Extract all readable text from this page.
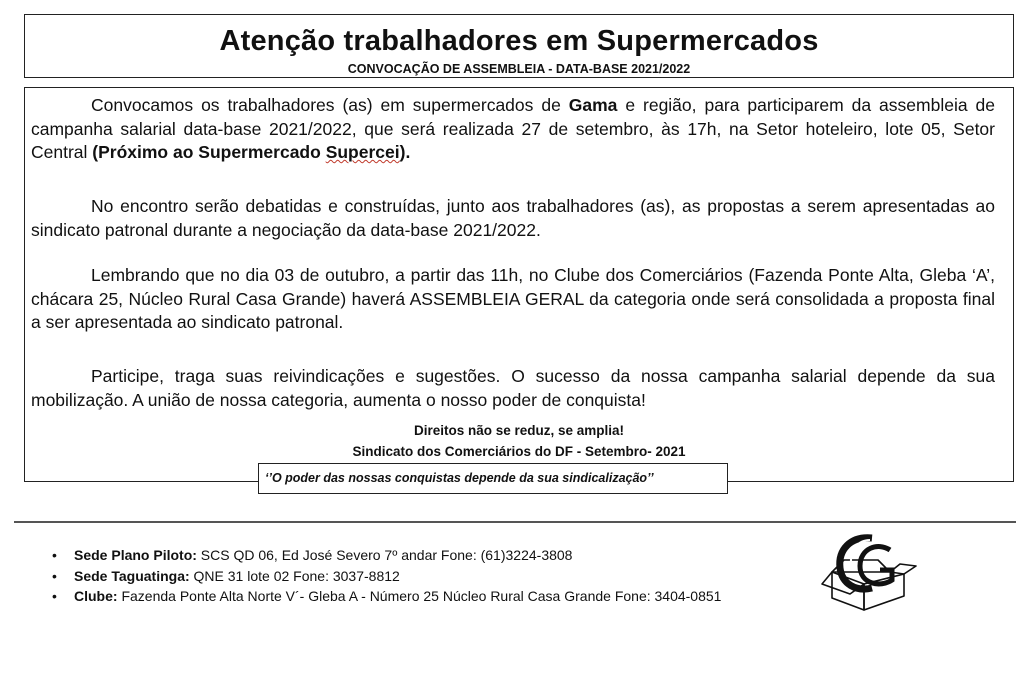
Atenção trabalhadores em Supermercados
CONVOCAÇÃO DE ASSEMBLEIA - DATA-BASE 2021/2022

Convocamos os trabalhadores (as) em supermercados de Gama e região, para participarem da assembleia de campanha salarial data-base 2021/2022, que será realizada 27 de setembro, às 17h, na Setor hoteleiro, lote 05, Setor Central (Próximo ao Supermercado Supercei).

No encontro serão debatidas e construídas, junto aos trabalhadores (as), as propostas a serem apresentadas ao sindicato patronal durante a negociação da data-base 2021/2022.

Lembrando que no dia 03 de outubro, a partir das 11h, no Clube dos Comerciários (Fazenda Ponte Alta, Gleba ‘A’, chácara 25, Núcleo Rural Casa Grande) haverá ASSEMBLEIA GERAL da categoria onde será consolidada a proposta final a ser apresentada ao sindicato patronal.

Participe, traga suas reivindicações e sugestões. O sucesso da nossa campanha salarial depende da sua mobilização. A união de nossa categoria, aumenta o nosso poder de conquista!

Direitos não se reduz, se amplia!
Sindicato dos Comerciários do DF - Setembro- 2021
‘’O poder das nossas conquistas depende da sua sindicalização’’
• Sede Plano Piloto: SCS QD 06, Ed José Severo 7º andar Fone: (61)3224-3808
• Sede Taguatinga: QNE 31 lote 02 Fone: 3037-8812
• Clube: Fazenda Ponte Alta Norte V´- Gleba A - Número 25 Núcleo Rural Casa Grande Fone: 3404-0851
